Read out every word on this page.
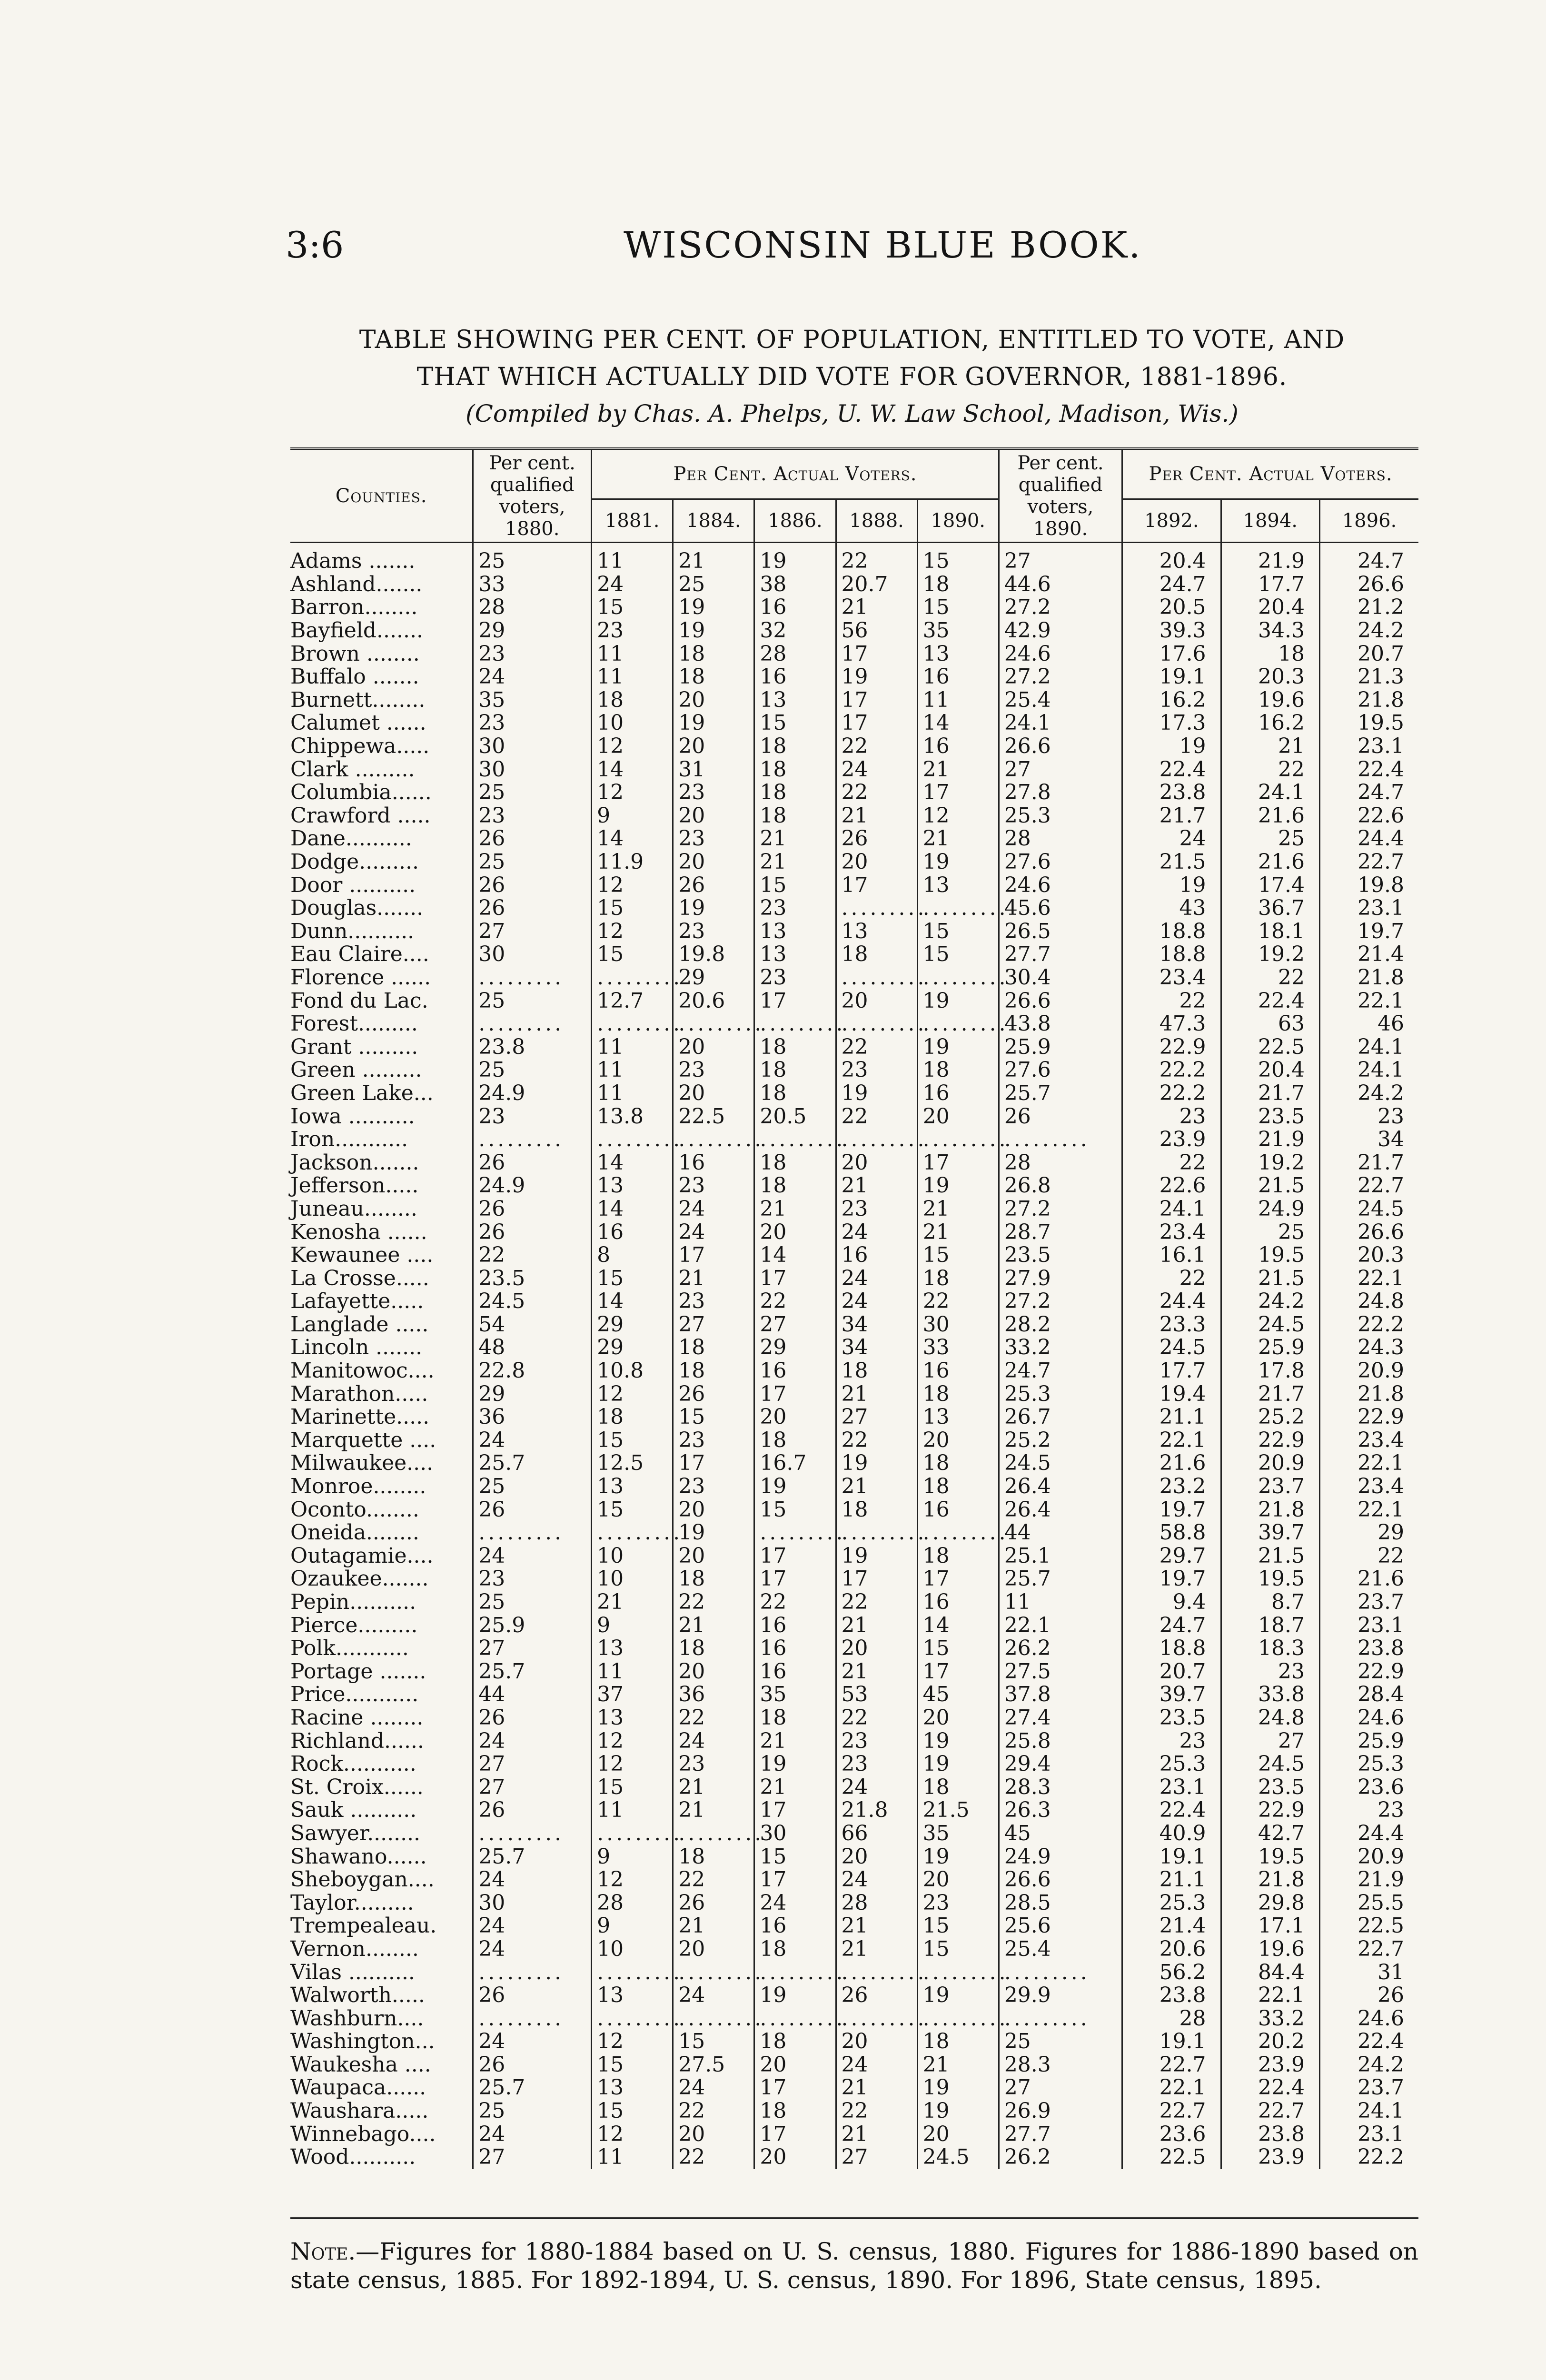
3:6	WISCONSIN BLUE BOOK.
TABLE SHOWING PER CENT. OF POPULATION, ENTITLED TO VOTE, AND
THAT WHICH ACTUALLY DID VOTE FOR GOVERNOR, 1881-1896.
(Compiled by Chas. A. Phelps, U. W. Law School, Madison, Wis.)
Counties.	Per cent. qualified voters, 1880.	Per Cent. Actual Voters.					Per cent. qualified voters, 1890.	Per Cent. Actual Voters.		
		1881.	1884.	1886.	1888.	1890.		1892.	1894.	1896.
Adams .......	25	11	21	19	22	15	27	20.4	21.9	24.7
Ashland.......	33	24	25	38	20.7	18	44.6	24.7	17.7	26.6
Barron........	28	15	19	16	21	15	27.2	20.5	20.4	21.2
Bayfield.......	29	23	19	32	56	35	42.9	39.3	34.3	24.2
Brown ........	23	11	18	28	17	13	24.6	17.6	18	20.7
Buffalo .......	24	11	18	16	19	16	27.2	19.1	20.3	21.3
Burnett........	35	18	20	13	17	11	25.4	16.2	19.6	21.8
Calumet ......	23	10	19	15	17	14	24.1	17.3	16.2	19.5
Chippewa.....	30	12	20	18	22	16	26.6	19	21	23.1
Clark .........	30	14	31	18	24	21	27	22.4	22	22.4
Columbia......	25	12	23	18	22	17	27.8	23.8	24.1	24.7
Crawford .....	23	9	20	18	21	12	25.3	21.7	21.6	22.6
Dane..........	26	14	23	21	26	21	28	24	25	24.4
Dodge.........	25	11.9	20	21	20	19	27.6	21.5	21.6	22.7
Door ..........	26	12	26	15	17	13	24.6	19	17.4	19.8
Douglas.......	26	15	19	23	.........	.........	45.6	43	36.7	23.1
Dunn..........	27	12	23	13	13	15	26.5	18.8	18.1	19.7
Eau Claire....	30	15	19.8	13	18	15	27.7	18.8	19.2	21.4
Florence ......	.........	.........	29	23	.........	.........	30.4	23.4	22	21.8
Fond du Lac.	25	12.7	20.6	17	20	19	26.6	22	22.4	22.1
Forest.........	.........	.........	.........	.........	.........	.........	43.8	47.3	63	46
Grant .........	23.8	11	20	18	22	19	25.9	22.9	22.5	24.1
Green .........	25	11	23	18	23	18	27.6	22.2	20.4	24.1
Green Lake...	24.9	11	20	18	19	16	25.7	22.2	21.7	24.2
Iowa ..........	23	13.8	22.5	20.5	22	20	26	23	23.5	23
Iron...........	.........	.........	.........	.........	.........	.........	.........	23.9	21.9	34
Jackson.......	26	14	16	18	20	17	28	22	19.2	21.7
Jefferson.....	24.9	13	23	18	21	19	26.8	22.6	21.5	22.7
Juneau........	26	14	24	21	23	21	27.2	24.1	24.9	24.5
Kenosha ......	26	16	24	20	24	21	28.7	23.4	25	26.6
Kewaunee ....	22	8	17	14	16	15	23.5	16.1	19.5	20.3
La Crosse.....	23.5	15	21	17	24	18	27.9	22	21.5	22.1
Lafayette.....	24.5	14	23	22	24	22	27.2	24.4	24.2	24.8
Langlade .....	54	29	27	27	34	30	28.2	23.3	24.5	22.2
Lincoln .......	48	29	18	29	34	33	33.2	24.5	25.9	24.3
Manitowoc....	22.8	10.8	18	16	18	16	24.7	17.7	17.8	20.9
Marathon.....	29	12	26	17	21	18	25.3	19.4	21.7	21.8
Marinette.....	36	18	15	20	27	13	26.7	21.1	25.2	22.9
Marquette ....	24	15	23	18	22	20	25.2	22.1	22.9	23.4
Milwaukee....	25.7	12.5	17	16.7	19	18	24.5	21.6	20.9	22.1
Monroe........	25	13	23	19	21	18	26.4	23.2	23.7	23.4
Oconto........	26	15	20	15	18	16	26.4	19.7	21.8	22.1
Oneida........	.........	.........	19	.........	.........	.........	44	58.8	39.7	29
Outagamie....	24	10	20	17	19	18	25.1	29.7	21.5	22
Ozaukee.......	23	10	18	17	17	17	25.7	19.7	19.5	21.6
Pepin..........	25	21	22	22	22	16	11	9.4	8.7	23.7
Pierce.........	25.9	9	21	16	21	14	22.1	24.7	18.7	23.1
Polk...........	27	13	18	16	20	15	26.2	18.8	18.3	23.8
Portage .......	25.7	11	20	16	21	17	27.5	20.7	23	22.9
Price...........	44	37	36	35	53	45	37.8	39.7	33.8	28.4
Racine ........	26	13	22	18	22	20	27.4	23.5	24.8	24.6
Richland......	24	12	24	21	23	19	25.8	23	27	25.9
Rock...........	27	12	23	19	23	19	29.4	25.3	24.5	25.3
St. Croix......	27	15	21	21	24	18	28.3	23.1	23.5	23.6
Sauk ..........	26	11	21	17	21.8	21.5	26.3	22.4	22.9	23
Sawyer........	.........	.........	.........	30	66	35	45	40.9	42.7	24.4
Shawano......	25.7	9	18	15	20	19	24.9	19.1	19.5	20.9
Sheboygan....	24	12	22	17	24	20	26.6	21.1	21.8	21.9
Taylor.........	30	28	26	24	28	23	28.5	25.3	29.8	25.5
Trempealeau.	24	9	21	16	21	15	25.6	21.4	17.1	22.5
Vernon........	24	10	20	18	21	15	25.4	20.6	19.6	22.7
Vilas ..........	.........	.........	.........	.........	.........	.........	.........	56.2	84.4	31
Walworth.....	26	13	24	19	26	19	29.9	23.8	22.1	26
Washburn....	.........	.........	.........	.........	.........	.........	.........	28	33.2	24.6
Washington...	24	12	15	18	20	18	25	19.1	20.2	22.4
Waukesha ....	26	15	27.5	20	24	21	28.3	22.7	23.9	24.2
Waupaca......	25.7	13	24	17	21	19	27	22.1	22.4	23.7
Waushara.....	25	15	22	18	22	19	26.9	22.7	22.7	24.1
Winnebago....	24	12	20	17	21	20	27.7	23.6	23.8	23.1
Wood..........	27	11	22	20	27	24.5	26.2	22.5	23.9	22.2
Note.—Figures for 1880-1884 based on U. S. census, 1880. Figures for 1886-1890 based on state census, 1885. For 1892-1894, U. S. census, 1890. For 1896, State census, 1895.
